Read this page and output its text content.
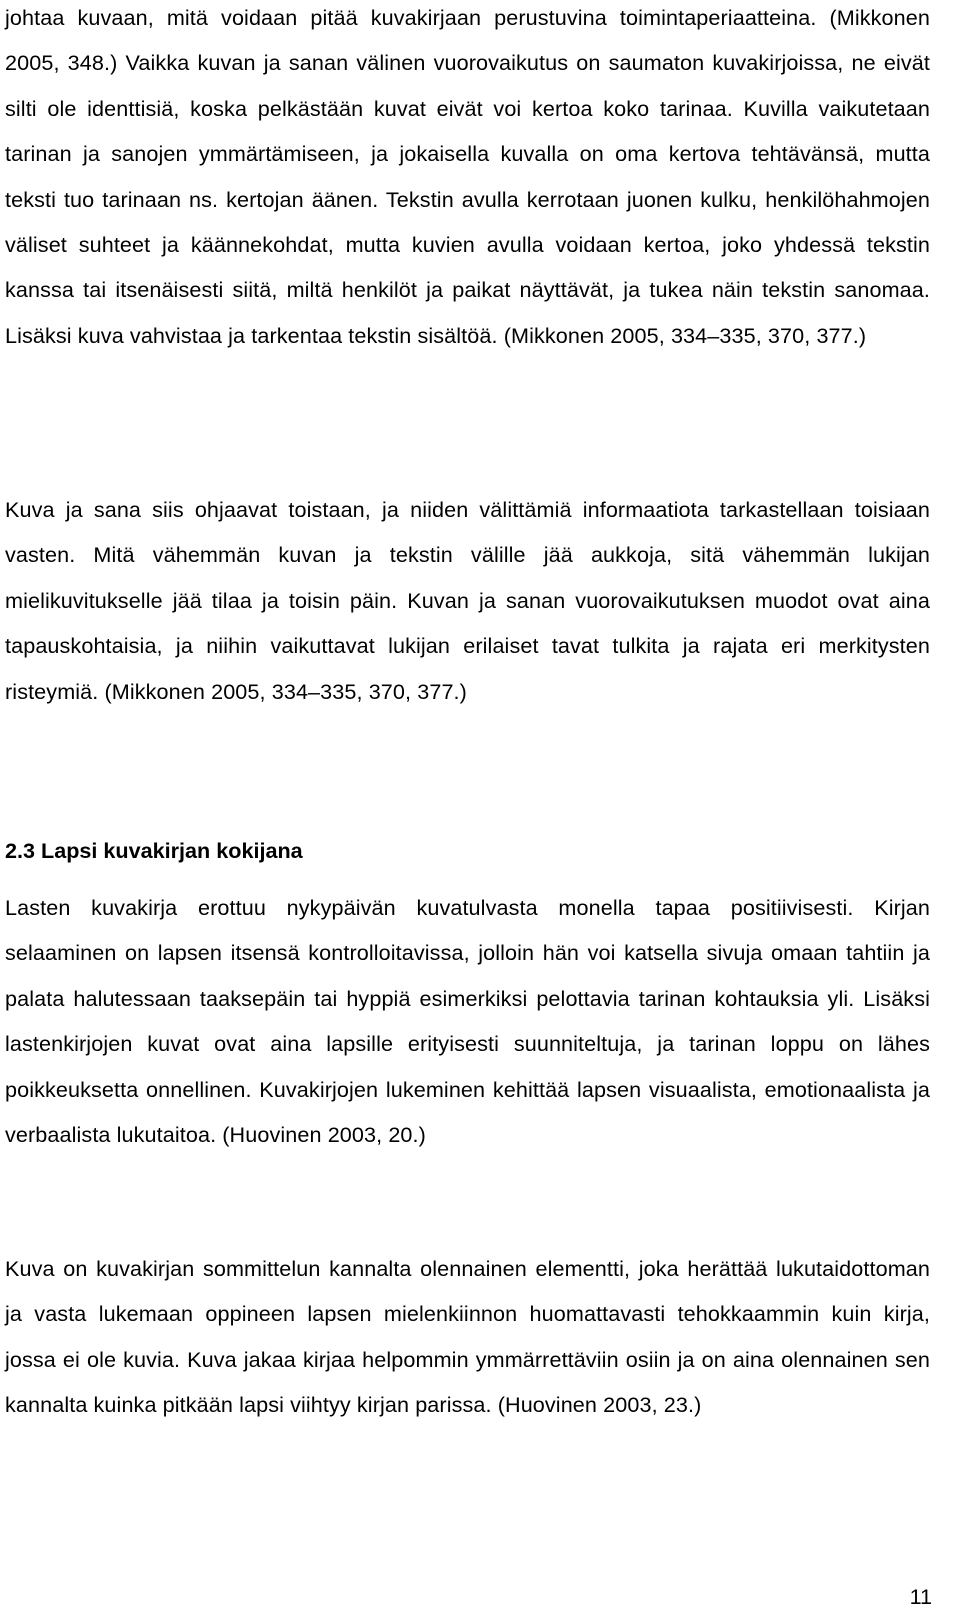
johtaa kuvaan, mitä voidaan pitää kuvakirjaan perustuvina toimintaperiaatteina. (Mikkonen 2005, 348.) Vaikka kuvan ja sanan välinen vuorovaikutus on saumaton kuvakirjoissa, ne eivät silti ole identtisiä, koska pelkästään kuvat eivät voi kertoa koko tarinaa. Kuvilla vaikutetaan tarinan ja sanojen ymmärtämiseen, ja jokaisella kuvalla on oma kertova tehtävänsä, mutta teksti tuo tarinaan ns. kertojan äänen. Tekstin avulla kerrotaan juonen kulku, henkilöhahmojen väliset suhteet ja käännekohdat, mutta kuvien avulla voidaan kertoa, joko yhdessä tekstin kanssa tai itsenäisesti siitä, miltä henkilöt ja paikat näyttävät, ja tukea näin tekstin sanomaa. Lisäksi kuva vahvistaa ja tarkentaa tekstin sisältöä. (Mikkonen 2005, 334–335, 370, 377.)

Kuva ja sana siis ohjaavat toistaan, ja niiden välittämiä informaatiota tarkastellaan toisiaan vasten. Mitä vähemmän kuvan ja tekstin välille jää aukkoja, sitä vähemmän lukijan mielikuvitukselle jää tilaa ja toisin päin. Kuvan ja sanan vuorovaikutuksen muodot ovat aina tapauskohtaisia, ja niihin vaikuttavat lukijan erilaiset tavat tulkita ja rajata eri merkitysten risteymiä. (Mikkonen 2005, 334–335, 370, 377.)

2.3 Lapsi kuvakirjan kokijana

Lasten kuvakirja erottuu nykypäivän kuvatulvasta monella tapaa positiivisesti. Kirjan selaaminen on lapsen itsensä kontrolloitavissa, jolloin hän voi katsella sivuja omaan tahtiin ja palata halutessaan taaksepäin tai hyppiä esimerkiksi pelottavia tarinan kohtauksia yli. Lisäksi lastenkirjojen kuvat ovat aina lapsille erityisesti suunniteltuja, ja tarinan loppu on lähes poikkeuksetta onnellinen. Kuvakirjojen lukeminen kehittää lapsen visuaalista, emotionaalista ja verbaalista lukutaitoa. (Huovinen 2003, 20.)

Kuva on kuvakirjan sommittelun kannalta olennainen elementti, joka herättää lukutaidottoman ja vasta lukemaan oppineen lapsen mielenkiinnon huomattavasti tehokkaammin kuin kirja, jossa ei ole kuvia. Kuva jakaa kirjaa helpommin ymmärrettäviin osiin ja on aina olennainen sen kannalta kuinka pitkään lapsi viihtyy kirjan parissa. (Huovinen 2003, 23.)

11
